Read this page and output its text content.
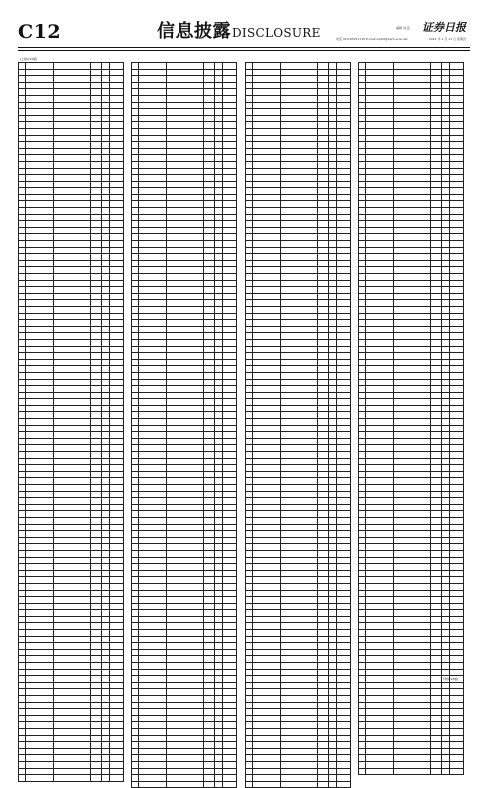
C12	信息披露DISCLOSURE	编辑 刘 蕊 证券日报
电话 010-83251716 E-mail:zqrb9@zqrb.sina.net	2021 年 2 月 11 日 星期四
(上接C11版)
(下转C13版)
